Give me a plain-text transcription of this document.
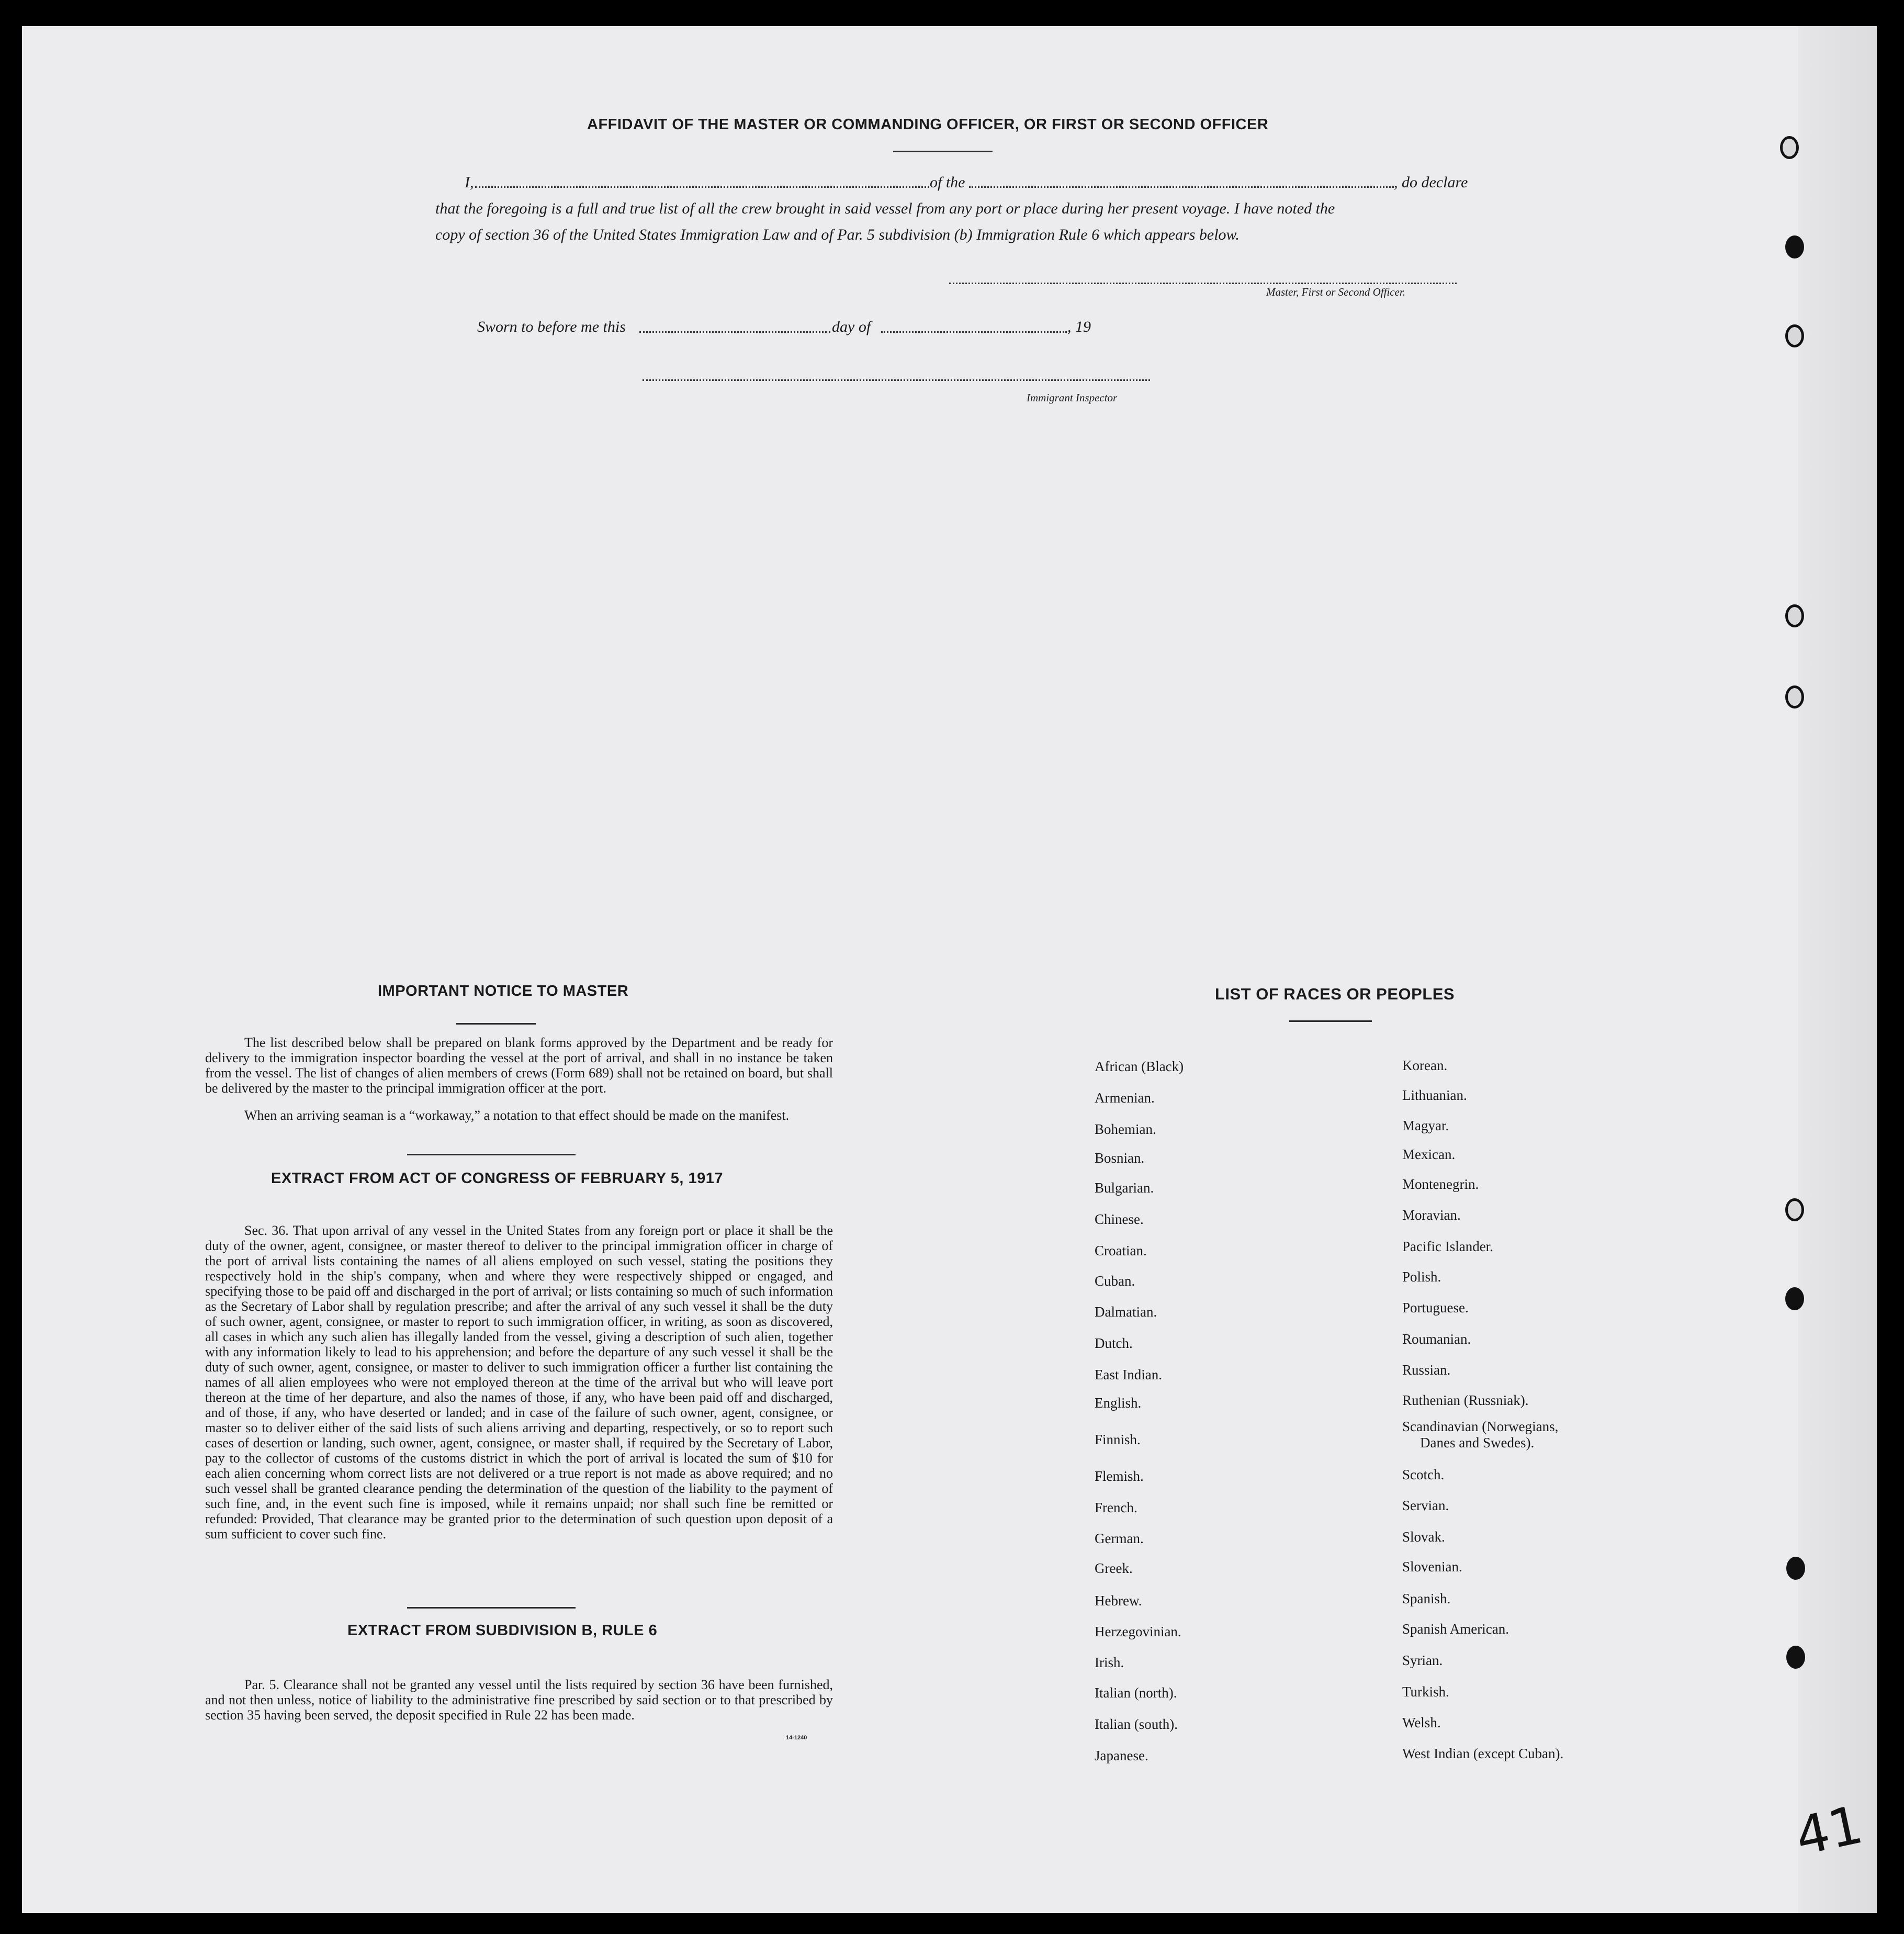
AFFIDAVIT OF THE MASTER OR COMMANDING OFFICER, OR FIRST OR SECOND OFFICER
I,	of the	, do declare
that the foregoing is a full and true list of all the crew brought in said vessel from any port or place during her present voyage. I have noted the
copy of section 36 of the United States Immigration Law and of Par. 5 subdivision (b) Immigration Rule 6 which appears below.
Master, First or Second Officer.
Sworn to before me this	day of	, 19
Immigrant Inspector
IMPORTANT NOTICE TO MASTER
The list described below shall be prepared on blank forms approved by the Department and be ready for delivery to the immigration inspector boarding the vessel at the port of arrival, and shall in no instance be taken from the vessel. The list of changes of alien members of crews (Form 689) shall not be retained on board, but shall be delivered by the master to the principal immigration officer at the port.
When an arriving seaman is a “workaway,” a notation to that effect should be made on the manifest.
EXTRACT FROM ACT OF CONGRESS OF FEBRUARY 5, 1917
Sec. 36. That upon arrival of any vessel in the United States from any foreign port or place it shall be the duty of the owner, agent, consignee, or master thereof to deliver to the principal immigration officer in charge of the port of arrival lists containing the names of all aliens employed on such vessel, stating the positions they respectively hold in the ship's company, when and where they were respectively shipped or engaged, and specifying those to be paid off and discharged in the port of arrival; or lists containing so much of such information as the Secretary of Labor shall by regulation prescribe; and after the arrival of any such vessel it shall be the duty of such owner, agent, consignee, or master to report to such immigration officer, in writing, as soon as discovered, all cases in which any such alien has illegally landed from the vessel, giving a description of such alien, together with any information likely to lead to his apprehension; and before the departure of any such vessel it shall be the duty of such owner, agent, consignee, or master to deliver to such immigration officer a further list containing the names of all alien employees who were not employed thereon at the time of the arrival but who will leave port thereon at the time of her departure, and also the names of those, if any, who have been paid off and discharged, and of those, if any, who have deserted or landed; and in case of the failure of such owner, agent, consignee, or master so to deliver either of the said lists of such aliens arriving and departing, respectively, or so to report such cases of desertion or landing, such owner, agent, consignee, or master shall, if required by the Secretary of Labor, pay to the collector of customs of the customs district in which the port of arrival is located the sum of $10 for each alien concerning whom correct lists are not delivered or a true report is not made as above required; and no such vessel shall be granted clearance pending the determination of the question of the liability to the payment of such fine, and, in the event such fine is imposed, while it remains unpaid; nor shall such fine be remitted or refunded: Provided, That clearance may be granted prior to the determination of such question upon deposit of a sum sufficient to cover such fine.
EXTRACT FROM SUBDIVISION B, RULE 6
Par. 5. Clearance shall not be granted any vessel until the lists required by section 36 have been furnished, and not then unless, notice of liability to the administrative fine prescribed by said section or to that prescribed by section 35 having been served, the deposit specified in Rule 22 has been made.
14-1240
LIST OF RACES OR PEOPLES
41
African (Black)
Armenian.
Bohemian.
Bosnian.
Bulgarian.
Chinese.
Croatian.
Cuban.
Dalmatian.
Dutch.
East Indian.
English.
Finnish.
Flemish.
French.
German.
Greek.
Hebrew.
Herzegovinian.
Irish.
Italian (north).
Italian (south).
Japanese.
Korean.
Lithuanian.
Magyar.
Mexican.
Montenegrin.
Moravian.
Pacific Islander.
Polish.
Portuguese.
Roumanian.
Russian.
Ruthenian (Russniak).
Scandinavian (Norwegians,
Scotch.
Servian.
Slovak.
Slovenian.
Spanish.
Spanish American.
Syrian.
Turkish.
Welsh.
West Indian (except Cuban).
Danes and Swedes).
